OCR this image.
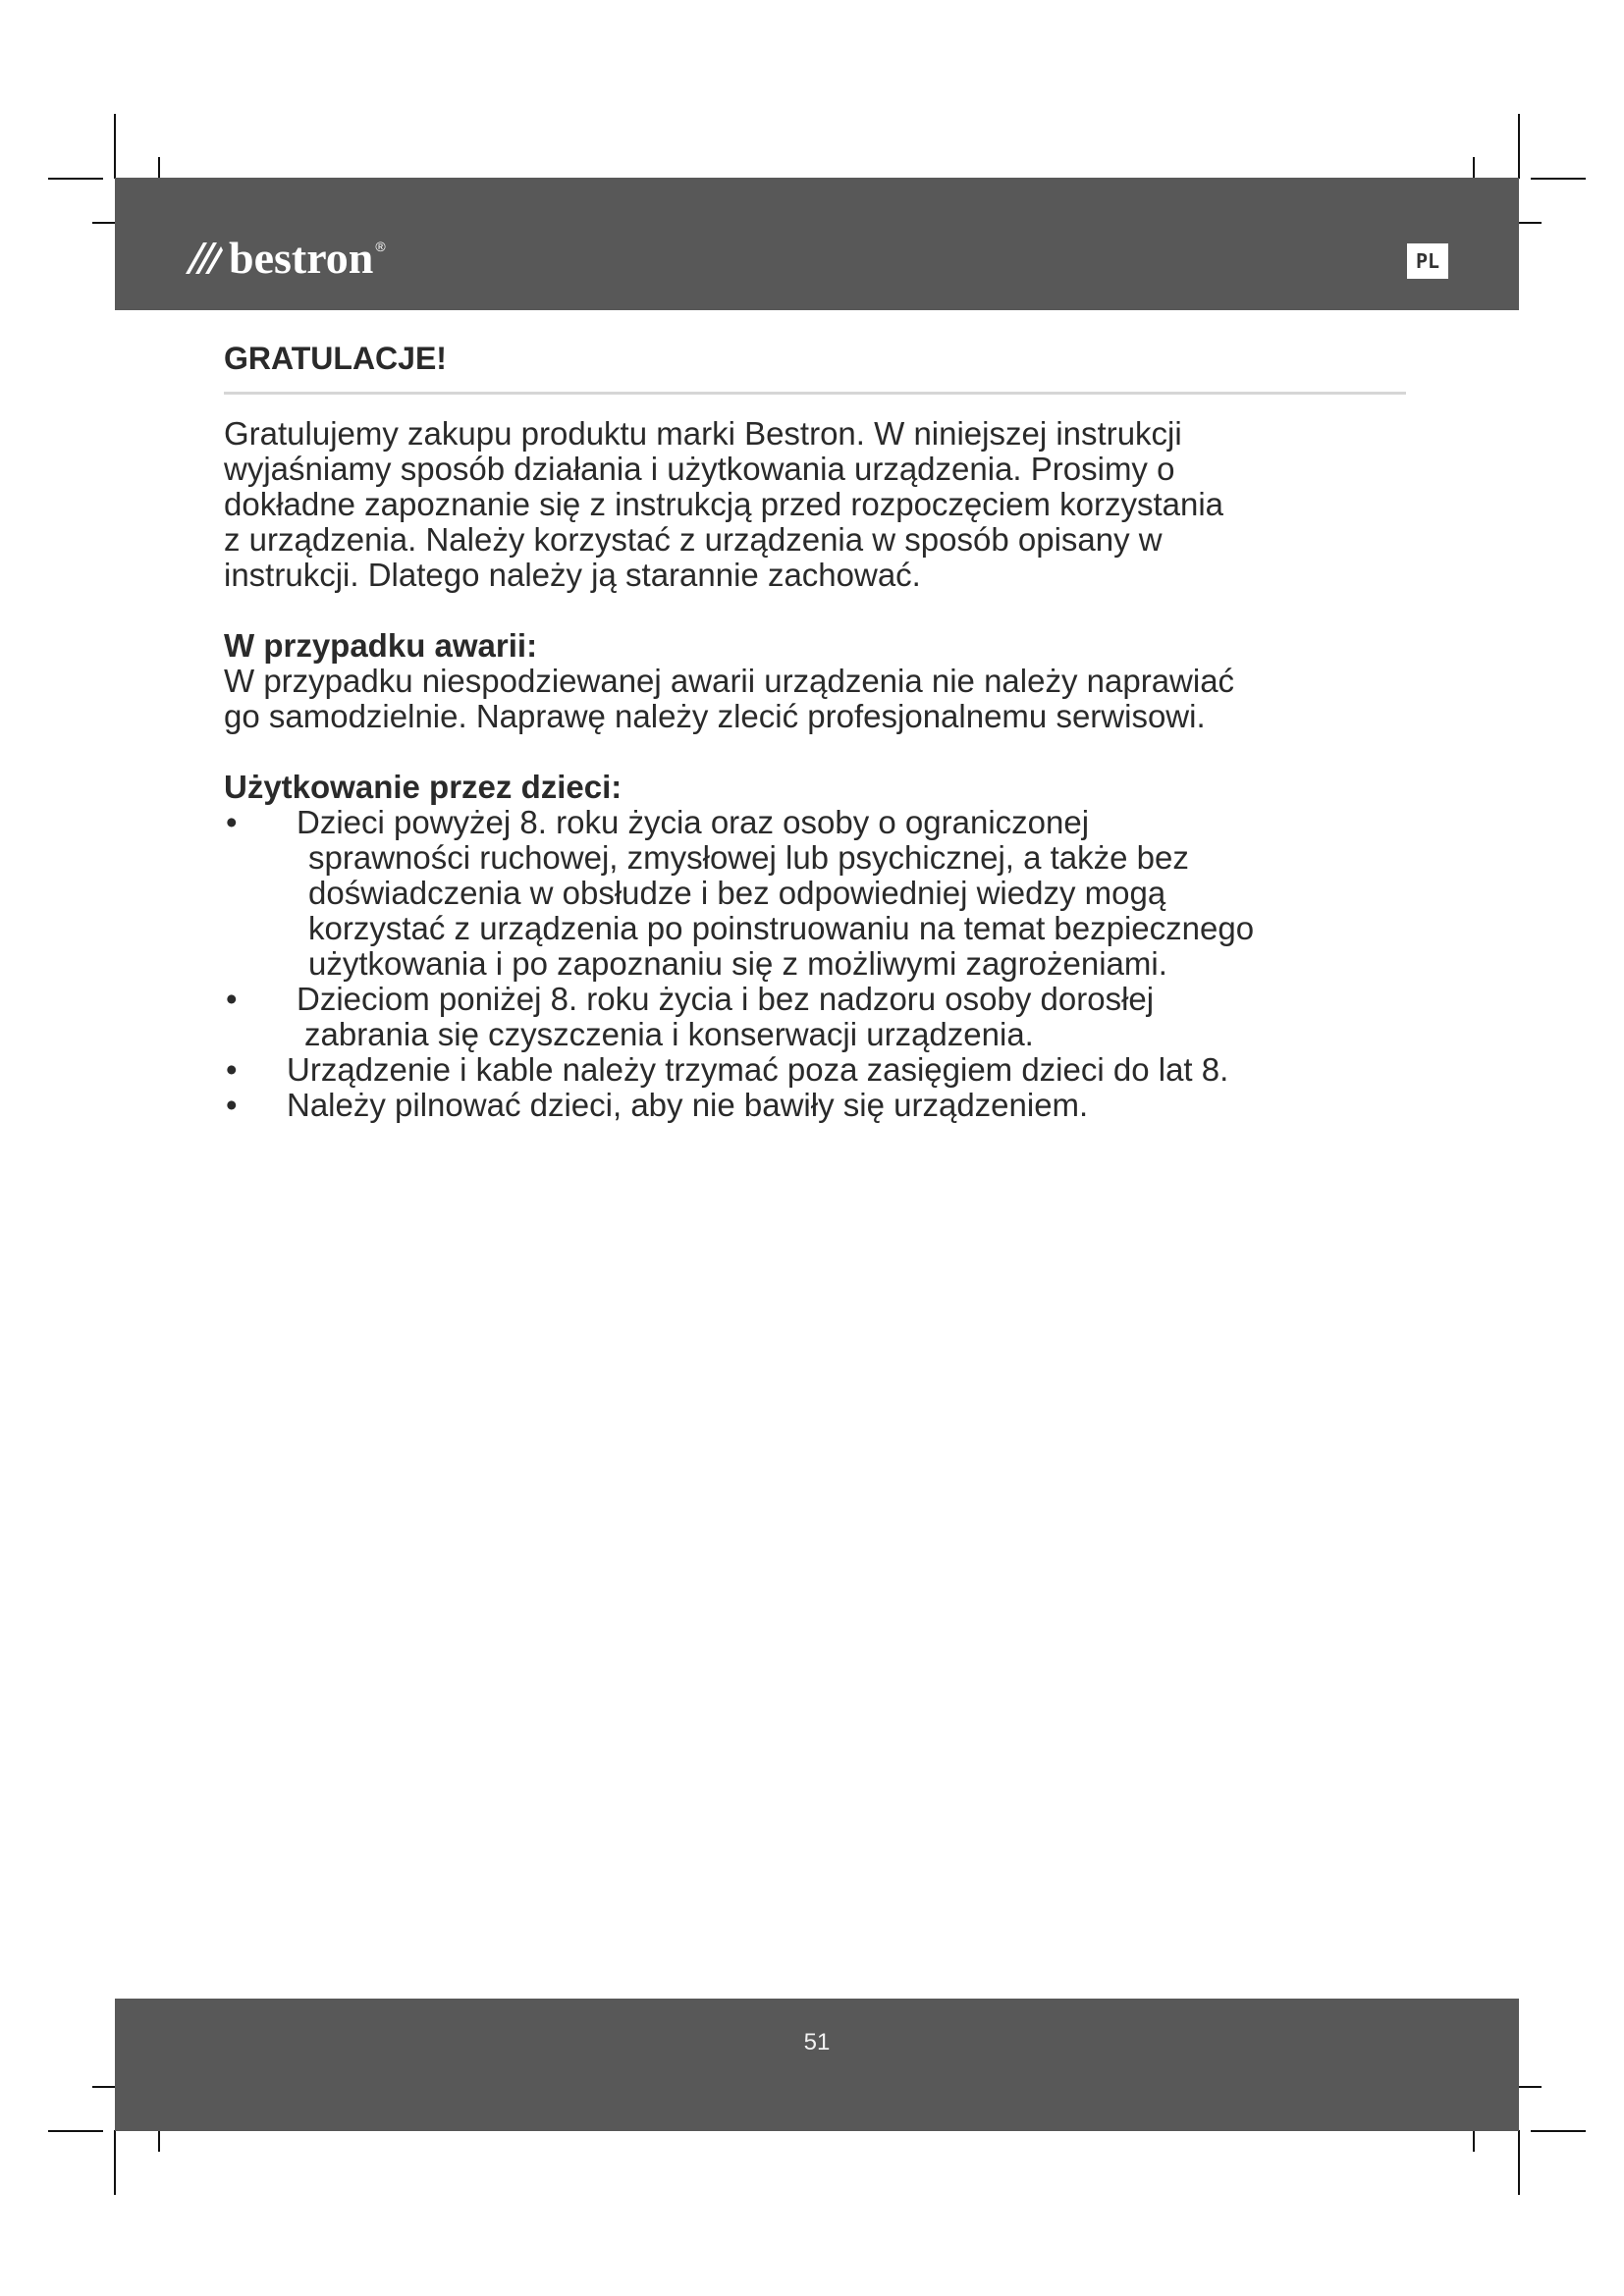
bestron ®
PL
GRATULACJE!

Gratulujemy zakupu produktu marki Bestron. W niniejszej instrukcji

wyjaśniamy sposób działania i użytkowania urządzenia. Prosimy o

dokładne zapoznanie się z instrukcją przed rozpoczęciem korzystania

z urządzenia. Należy korzystać z urządzenia w sposób opisany w

instrukcji. Dlatego należy ją starannie zachować.

W przypadku awarii:

W przypadku niespodziewanej awarii urządzenia nie należy naprawiać

go samodzielnie. Naprawę należy zlecić profesjonalnemu serwisowi.

Użytkowanie przez dzieci:
•	Dzieci powyżej 8. roku życia oraz osoby o ograniczonej
sprawności ruchowej, zmysłowej lub psychicznej, a także bez
doświadczenia w obsłudze i bez odpowiedniej wiedzy mogą
korzystać z urządzenia po poinstruowaniu na temat bezpiecznego
użytkowania i po zapoznaniu się z możliwymi zagrożeniami.
•	Dzieciom poniżej 8. roku życia i bez nadzoru osoby dorosłej
zabrania się czyszczenia i konserwacji urządzenia.
•	Urządzenie i kable należy trzymać poza zasięgiem dzieci do lat 8.
•	Należy pilnować dzieci, aby nie bawiły się urządzeniem.
51
